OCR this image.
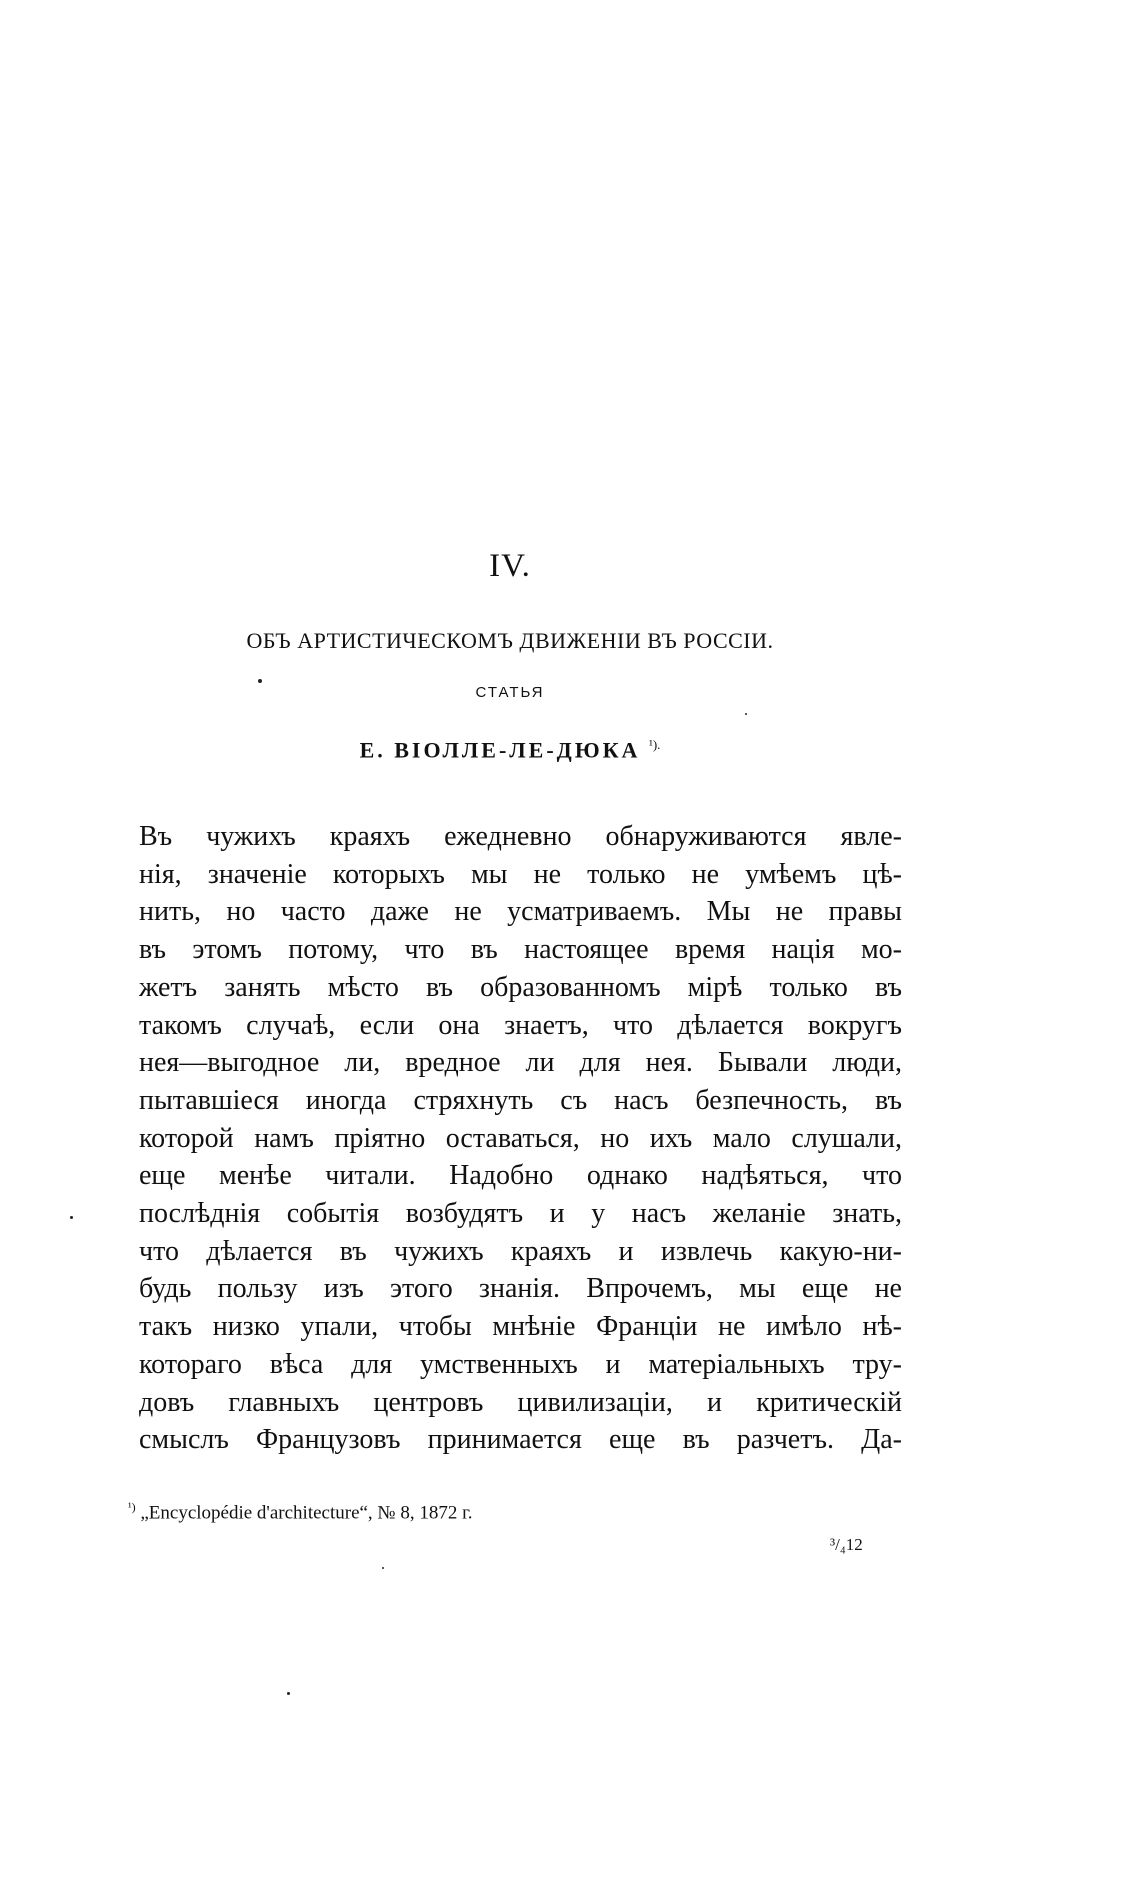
IV.
ОБЪ АРТИСТИЧЕСКОМЪ ДВИЖЕНІИ ВЪ РОССІИ.
СТАТЬЯ
Е. ВІОЛЛЕ-ЛЕ-ДЮКА $^{^1).}$
Въ чужихъ краяхъ ежедневно обнаруживаются явле-
нія, значеніе которыхъ мы не только не умѣемъ цѣ-
нить, но часто даже не усматриваемъ. Мы не правы
въ этомъ потому, что въ настоящее время нація мо-
жетъ занять мѣсто въ образованномъ мірѣ только въ
такомъ случаѣ, если она знаетъ, что дѣлается вокругъ
нея—выгодное ли, вредное ли для нея. Бывали люди,
пытавшіеся иногда стряхнуть съ насъ безпечность, въ
которой намъ пріятно оставаться, но ихъ мало слушали,
еще менѣе читали. Надобно однако надѣяться, что
послѣднія событія возбудятъ и у насъ желаніе знать,
что дѣлается въ чужихъ краяхъ и извлечь какую-ни-
будь пользу изъ этого знанія. Впрочемъ, мы еще не
такъ низко упали, чтобы мнѣніе Франціи не имѣло нѣ-
котораго вѣса для умственныхъ и матеріальныхъ тру-
довъ главныхъ центровъ цивилизаціи, и критическій
смыслъ Французовъ принимается еще въ разчетъ. Да-
$^{^1)}$ „Encyclopédie d'architecture“, № 8, 1872 г.
³/₄12
